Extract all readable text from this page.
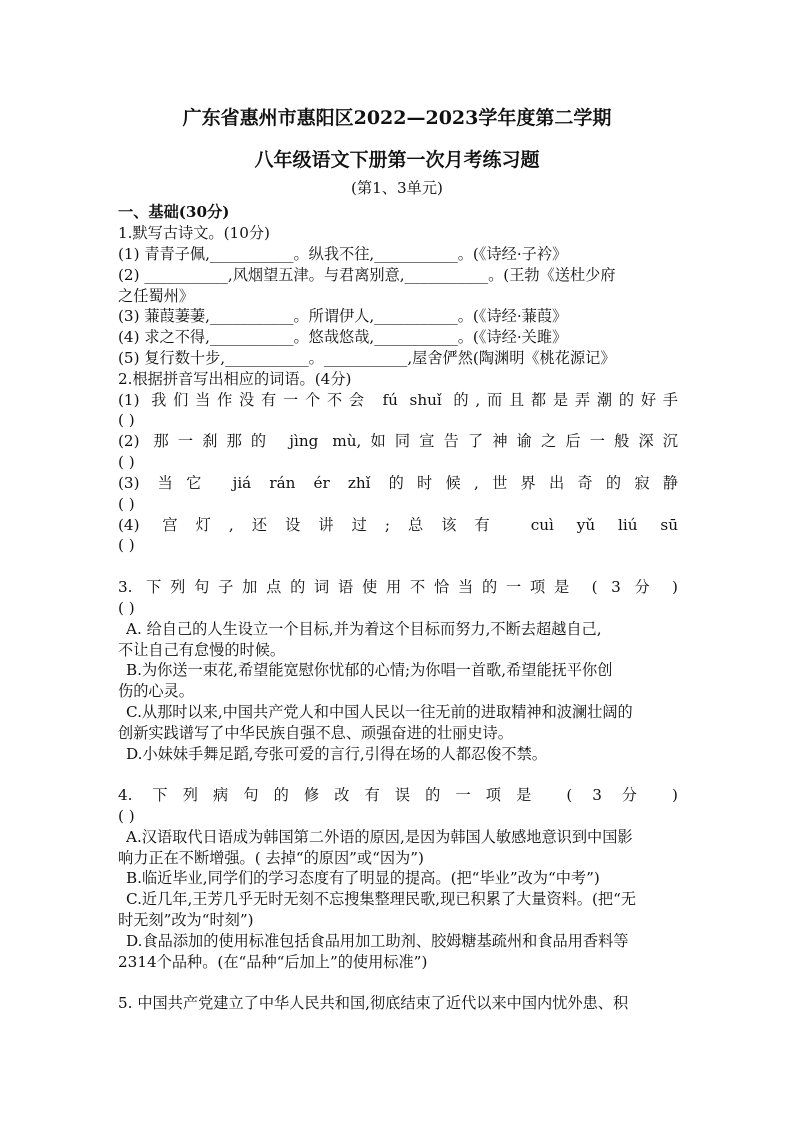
广东省惠州市惠阳区2022—2023学年度第二学期
八年级语文下册第一次月考练习题
(第1、3单元)
一、基础(30分)
1.默写古诗文。(10分)
(1) 青青子佩,___________。纵我不往,___________。(《诗经·子衿》
(2) ___________,风烟望五津。与君离别意,___________。(王勃《送杜少府
之任蜀州》
(3) 蒹葭萋萋,___________。所谓伊人,___________。(《诗经·蒹葭》
(4) 求之不得,___________。悠哉悠哉,___________。(《诗经·关雎》
(5) 复行数十步,___________。___________,屋舍俨然(陶渊明《桃花源记》
2.根据拼音写出相应的词语。(4分)
(1) 我们当作没有一个不会 fú shuǐ 的,而且都是弄潮的好手
( )
(2) 那一刹那的 jìng mù,如同宣告了神谕之后一般深沉
( )
(3) 当它 jiá rán ér zhǐ 的时候,世界出奇的寂静
( )
(4) 宫灯,还设讲过;总该有 cuì yǔ liú sū
( )
3. 下列句子加点的词语使用不恰当的一项是 ( 3 分 )
( )
A. 给自己的人生设立一个目标,并为着这个目标而努力,不断去超越自己,
不让自己有怠慢的时候。
B.为你送一束花,希望能宽慰你忧郁的心情;为你唱一首歌,希望能抚平你创
伤的心灵。
C.从那时以来,中国共产党人和中国人民以一往无前的进取精神和波澜壮阔的
创新实践谱写了中华民族自强不息、顽强奋进的壮丽史诗。
D.小妹妹手舞足蹈,夸张可爱的言行,引得在场的人都忍俊不禁。
4. 下列病句的修改有误的一项是 ( 3 分 )
( )
A.汉语取代日语成为韩国第二外语的原因,是因为韩国人敏感地意识到中国影
响力正在不断增强。( 去掉“的原因”或“因为”)
B.临近毕业,同学们的学习态度有了明显的提高。(把“毕业”改为“中考”)
C.近几年,王芳几乎无时无刻不忘搜集整理民歌,现已积累了大量资料。(把“无
时无刻”改为“时刻”)
D.食品添加的使用标准包括食品用加工助剂、胶姆糖基疏州和食品用香料等
2314个品种。(在“品种“后加上”的使用标准”)
5. 中国共产党建立了中华人民共和国,彻底结束了近代以来中国内忧外患、积
